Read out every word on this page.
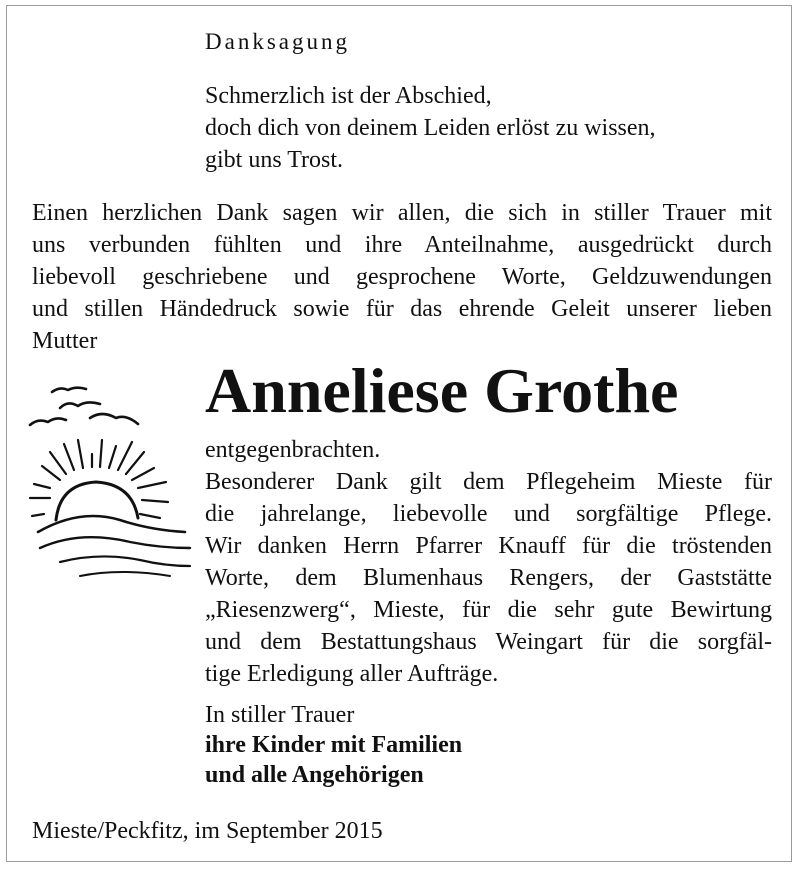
Danksagung
Schmerzlich ist der Abschied,
doch dich von deinem Leiden erlöst zu wissen,
gibt uns Trost.
Einen herzlichen Dank sagen wir allen, die sich in stiller Trauer mit
uns verbunden fühlten und ihre Anteilnahme, ausgedrückt durch
liebevoll geschriebene und gesprochene Worte, Geldzuwendungen
und stillen Händedruck sowie für das ehrende Geleit unserer lieben
Mutter
Anneliese Grothe
entgegenbrachten.
Besonderer Dank gilt dem Pflegeheim Mieste für
die jahrelange, liebevolle und sorgfältige Pflege.
Wir danken Herrn Pfarrer Knauff für die tröstenden
Worte, dem Blumenhaus Rengers, der Gaststätte
„Riesenzwerg“, Mieste, für die sehr gute Bewirtung
und dem Bestattungshaus Weingart für die sorgfäl-
tige Erledigung aller Aufträge.
In stiller Trauer
ihre Kinder mit Familien
und alle Angehörigen
Mieste/Peckfitz, im September 2015
